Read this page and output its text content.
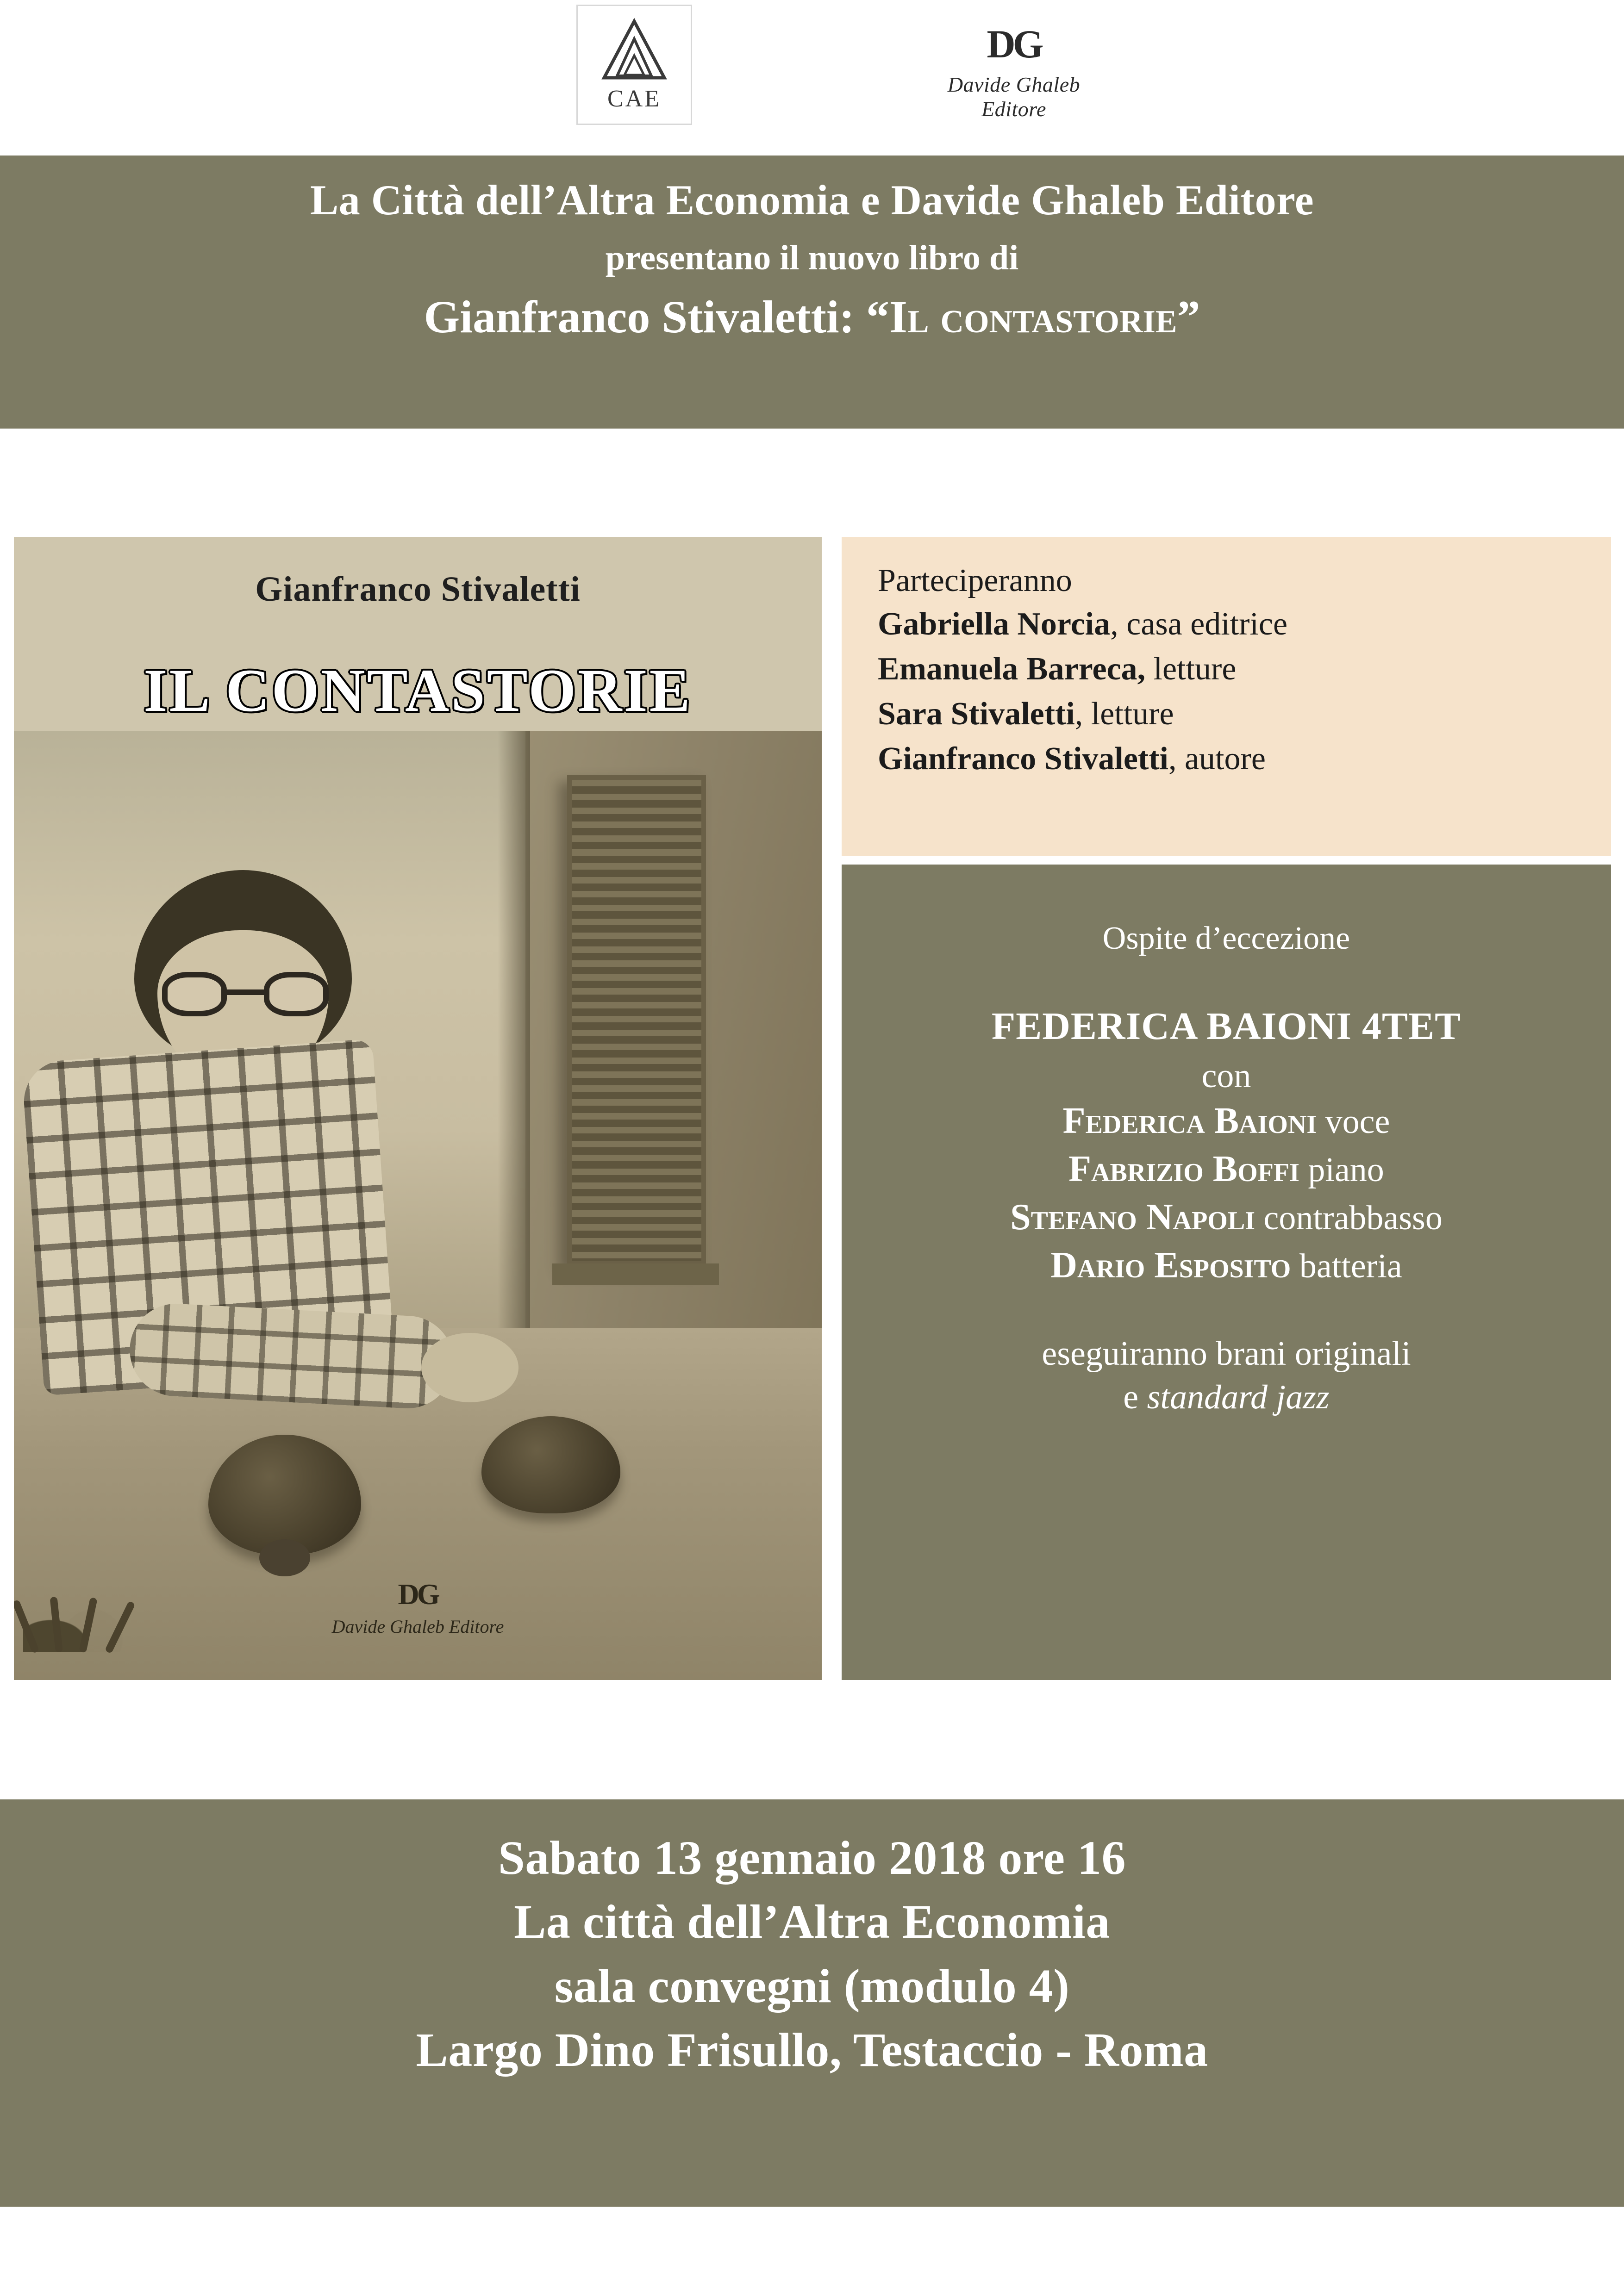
CAE
DG
Davide Ghaleb Editore
La Città dell’Altra Economia e Davide Ghaleb Editore
presentano il nuovo libro di
Gianfranco Stivaletti: “Il contastorie”
Gianfranco Stivaletti
IL CONTASTORIE
DG
Davide Ghaleb Editore
Parteciperanno
Gabriella Norcia, casa editrice
Emanuela Barreca, letture
Sara Stivaletti, letture
Gianfranco Stivaletti, autore
Ospite d’eccezione
FEDERICA BAIONI 4TET
con
Federica Baioni voce
Fabrizio Boffi piano
Stefano Napoli contrabbasso
Dario Esposito batteria
eseguiranno brani originali
e standard jazz
Sabato 13 gennaio 2018 ore 16
La città dell’Altra Economia
sala convegni (modulo 4)
Largo Dino Frisullo, Testaccio - Roma
